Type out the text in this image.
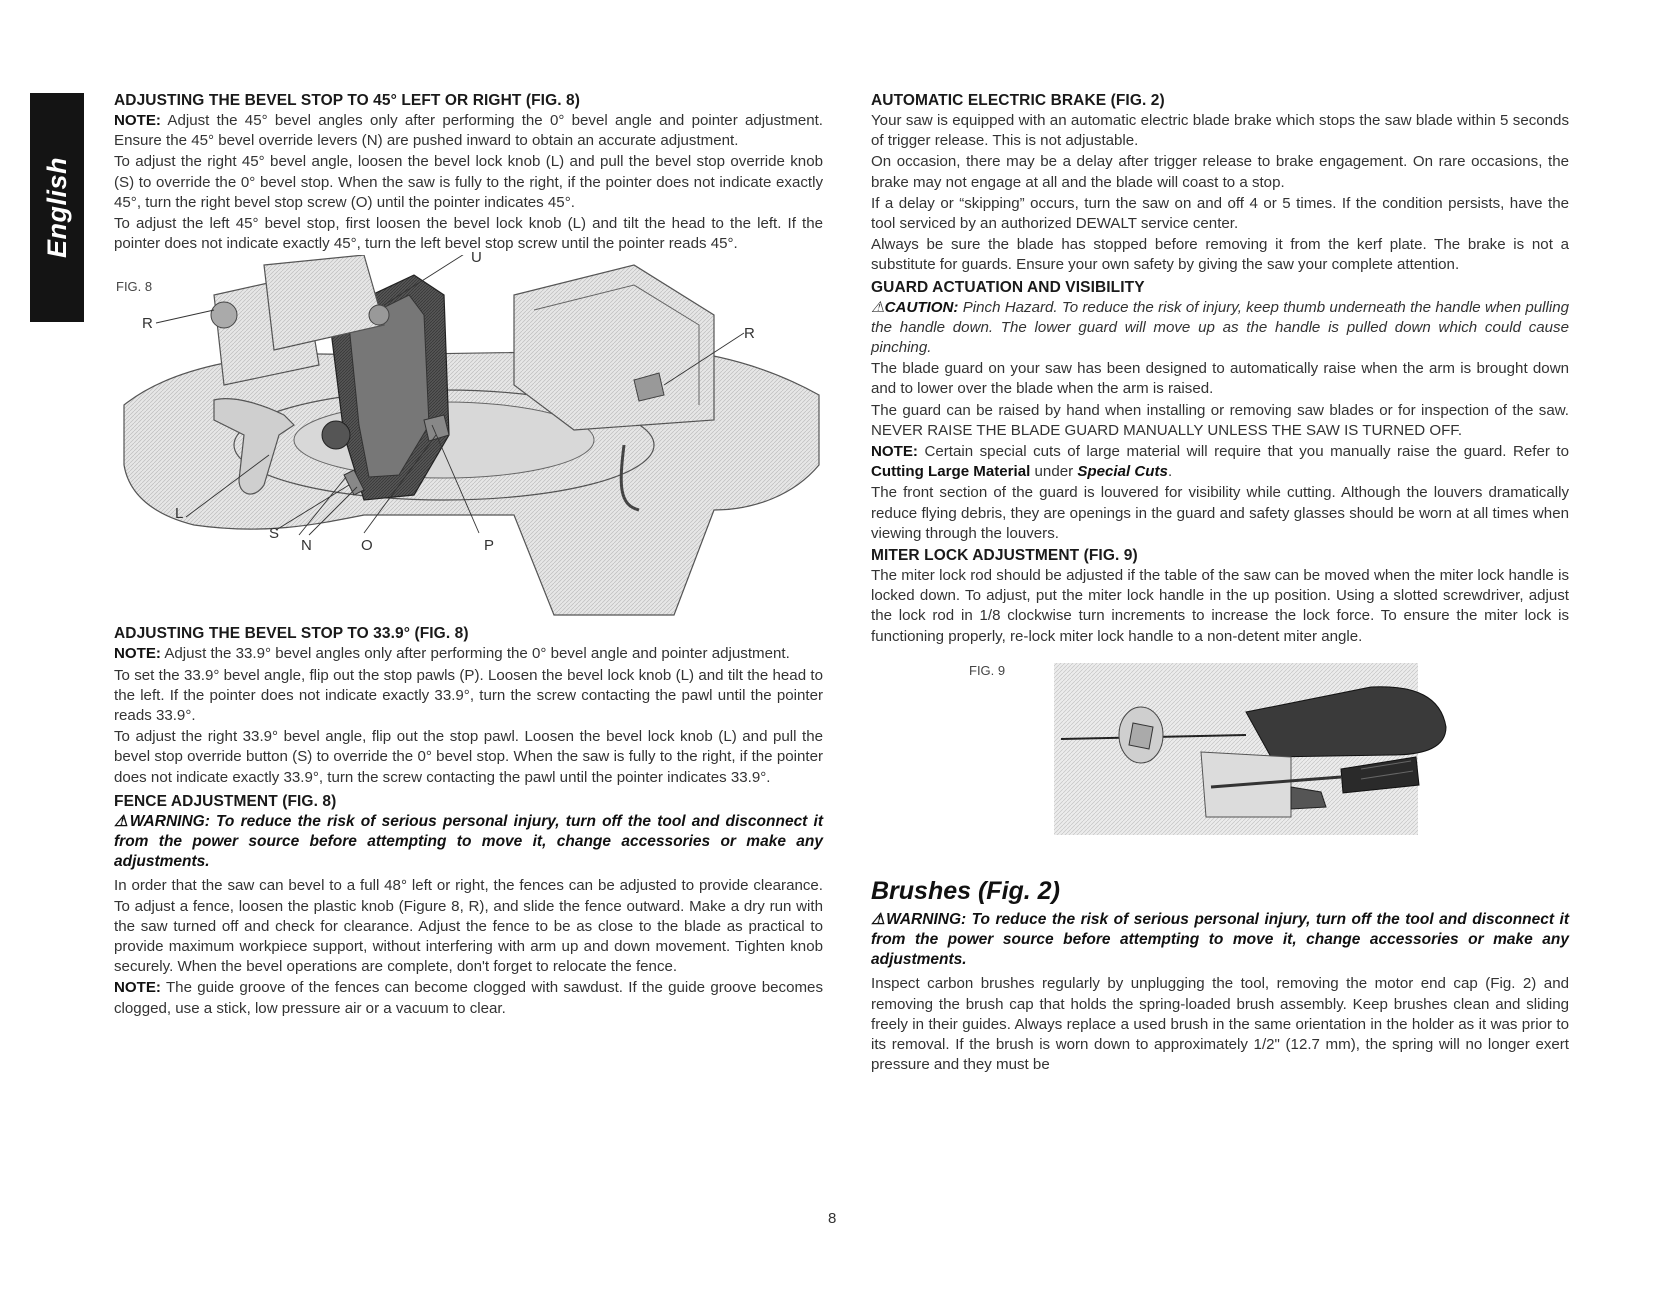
English
ADJUSTING THE BEVEL STOP TO 45° LEFT OR RIGHT (FIG. 8)

NOTE: Adjust the 45° bevel angles only after performing the 0° bevel angle and pointer adjustment. Ensure the 45° bevel override levers (N) are pushed inward to obtain an accurate adjustment.

To adjust the right 45° bevel angle, loosen the bevel lock knob (L) and pull the bevel stop override knob (S) to override the 0° bevel stop. When the saw is fully to the right, if the pointer does not indicate exactly 45°, turn the right bevel stop screw (O) until the pointer indicates 45°.

To adjust the left 45° bevel stop, first loosen the bevel lock knob (L) and tilt the head to the left. If the pointer does not indicate exactly 45°, turn the left bevel stop screw until the pointer reads 45°.

FIG. 8
U
R
R
L
S
N	O	P
ADJUSTING THE BEVEL STOP TO 33.9° (FIG. 8)

NOTE: Adjust the 33.9° bevel angles only after performing the 0° bevel angle and pointer adjustment.

To set the 33.9° bevel angle, flip out the stop pawls (P). Loosen the bevel lock knob (L) and tilt the head to the left. If the pointer does not indicate exactly 33.9°, turn the screw contacting the pawl until the pointer reads 33.9°.

To adjust the right 33.9° bevel angle, flip out the stop pawl. Loosen the bevel lock knob (L) and pull the bevel stop override button (S) to override the 0° bevel stop. When the saw is fully to the right, if the pointer does not indicate exactly 33.9°, turn the screw contacting the pawl until the pointer indicates 33.9°.

FENCE ADJUSTMENT (FIG. 8)
⚠WARNING: To reduce the risk of serious personal injury, turn off the tool and disconnect it from the power source before attempting to move it, change accessories or make any adjustments.

In order that the saw can bevel to a full 48° left or right, the fences can be adjusted to provide clearance. To adjust a fence, loosen the plastic knob (Figure 8, R), and slide the fence outward. Make a dry run with the saw turned off and check for clearance. Adjust the fence to be as close to the blade as practical to provide maximum workpiece support, without interfering with arm up and down movement. Tighten knob securely. When the bevel operations are complete, don't forget to relocate the fence.

NOTE: The guide groove of the fences can become clogged with sawdust. If the guide groove becomes clogged, use a stick, low pressure air or a vacuum to clear.

AUTOMATIC ELECTRIC BRAKE (FIG. 2)

Your saw is equipped with an automatic electric blade brake which stops the saw blade within 5 seconds of trigger release. This is not adjustable.

On occasion, there may be a delay after trigger release to brake engagement. On rare occasions, the brake may not engage at all and the blade will coast to a stop.

If a delay or “skipping” occurs, turn the saw on and off 4 or 5 times. If the condition persists, have the tool serviced by an authorized DEWALT service center.

Always be sure the blade has stopped before removing it from the kerf plate. The brake is not a substitute for guards. Ensure your own safety by giving the saw your complete attention.

GUARD ACTUATION AND VISIBILITY

⚠CAUTION: Pinch Hazard. To reduce the risk of injury, keep thumb underneath the handle when pulling the handle down. The lower guard will move up as the handle is pulled down which could cause pinching.

The blade guard on your saw has been designed to automatically raise when the arm is brought down and to lower over the blade when the arm is raised.

The guard can be raised by hand when installing or removing saw blades or for inspection of the saw. NEVER RAISE THE BLADE GUARD MANUALLY UNLESS THE SAW IS TURNED OFF.

NOTE: Certain special cuts of large material will require that you manually raise the guard. Refer to Cutting Large Material under Special Cuts.

The front section of the guard is louvered for visibility while cutting. Although the louvers dramatically reduce flying debris, they are openings in the guard and safety glasses should be worn at all times when viewing through the louvers.

MITER LOCK ADJUSTMENT (FIG. 9)

The miter lock rod should be adjusted if the table of the saw can be moved when the miter lock handle is locked down. To adjust, put the miter lock handle in the up position. Using a slotted screwdriver, adjust the lock rod in 1/8 clockwise turn increments to increase the lock force. To ensure the miter lock is functioning properly, re-lock miter lock handle to a non-detent miter angle.

FIG. 9
Brushes (Fig. 2)
⚠WARNING: To reduce the risk of serious personal injury, turn off the tool and disconnect it from the power source before attempting to move it, change accessories or make any adjustments.

Inspect carbon brushes regularly by unplugging the tool, removing the motor end cap (Fig. 2) and removing the brush cap that holds the spring-loaded brush assembly. Keep brushes clean and sliding freely in their guides. Always replace a used brush in the same orientation in the holder as it was prior to its removal. If the brush is worn down to approximately 1/2" (12.7 mm), the spring will no longer exert pressure and they must be

8
